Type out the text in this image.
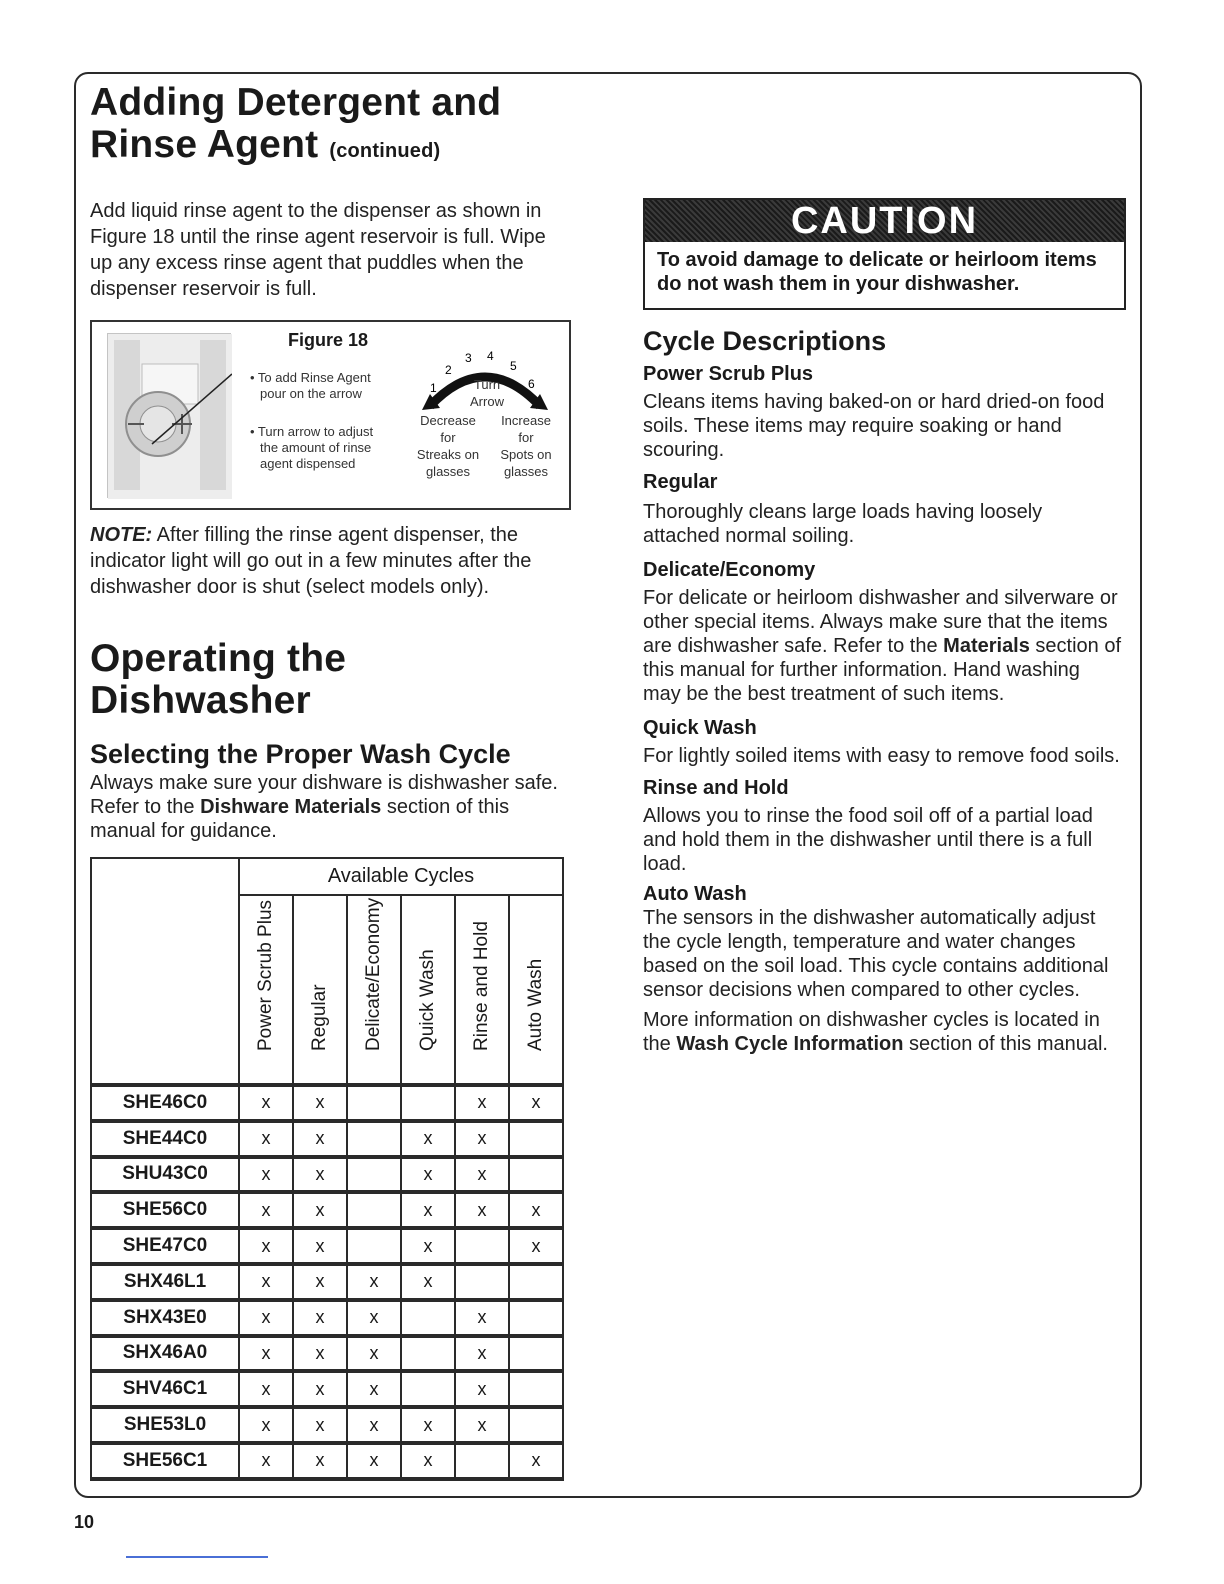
Adding Detergent and
Rinse Agent (continued)

Add liquid rinse agent to the dispenser as shown in Figure 18 until the rinse agent reservoir is full. Wipe up any excess rinse agent that puddles when the dispenser reservoir is full.

Figure 18
• To add Rinse Agent
pour on the arrow
• Turn arrow to adjust
the amount of rinse
agent dispensed
1
2
3 4
5
6
Turn
Arrow
Decrease
for
Streaks on
glasses
Increase
for
Spots on
glasses

NOTE: After filling the rinse agent dispenser, the indicator light will go out in a few minutes after the dishwasher door is shut (select models only).

Operating the
Dishwasher
Selecting the Proper Wash Cycle

Always make sure your dishware is dishwasher safe. Refer to the Dishware Materials section of this manual for guidance.

	Available Cycles					

	Power Scrub Plus	Regular	Delicate/Economy	Quick Wash	Rinse and Hold	Auto Wash

SHE46C0	x	x			x	x
SHE44C0	x	x		x	x	
SHU43C0	x	x		x	x	
SHE56C0	x	x		x	x	x
SHE47C0	x	x		x		x
SHX46L1	x	x	x	x		
SHX43E0	x	x	x		x	
SHX46A0	x	x	x		x	
SHV46C1	x	x	x		x	
SHE53L0	x	x	x	x	x	
SHE56C1	x	x	x	x		x
CAUTION
To avoid damage to delicate or heirloom items do not wash them in your dishwasher.
Cycle Descriptions
Power Scrub Plus

Cleans items having baked-on or hard dried-on food soils. These items may require soaking or hand scouring.

Regular

Thoroughly cleans large loads having loosely attached normal soiling.

Delicate/Economy

For delicate or heirloom dishwasher and silverware or other special items. Always make sure that the items are dishwasher safe. Refer to the Materials section of this manual for further information. Hand washing may be the best treatment of such items.

Quick Wash

For lightly soiled items with easy to remove food soils.

Rinse and Hold

Allows you to rinse the food soil off of a partial load and hold them in the dishwasher until there is a full load.

Auto Wash

The sensors in the dishwasher automatically adjust the cycle length, temperature and water changes based on the soil load. This cycle contains additional sensor decisions when compared to other cycles.

More information on dishwasher cycles is located in the Wash Cycle Information section of this manual.

10
